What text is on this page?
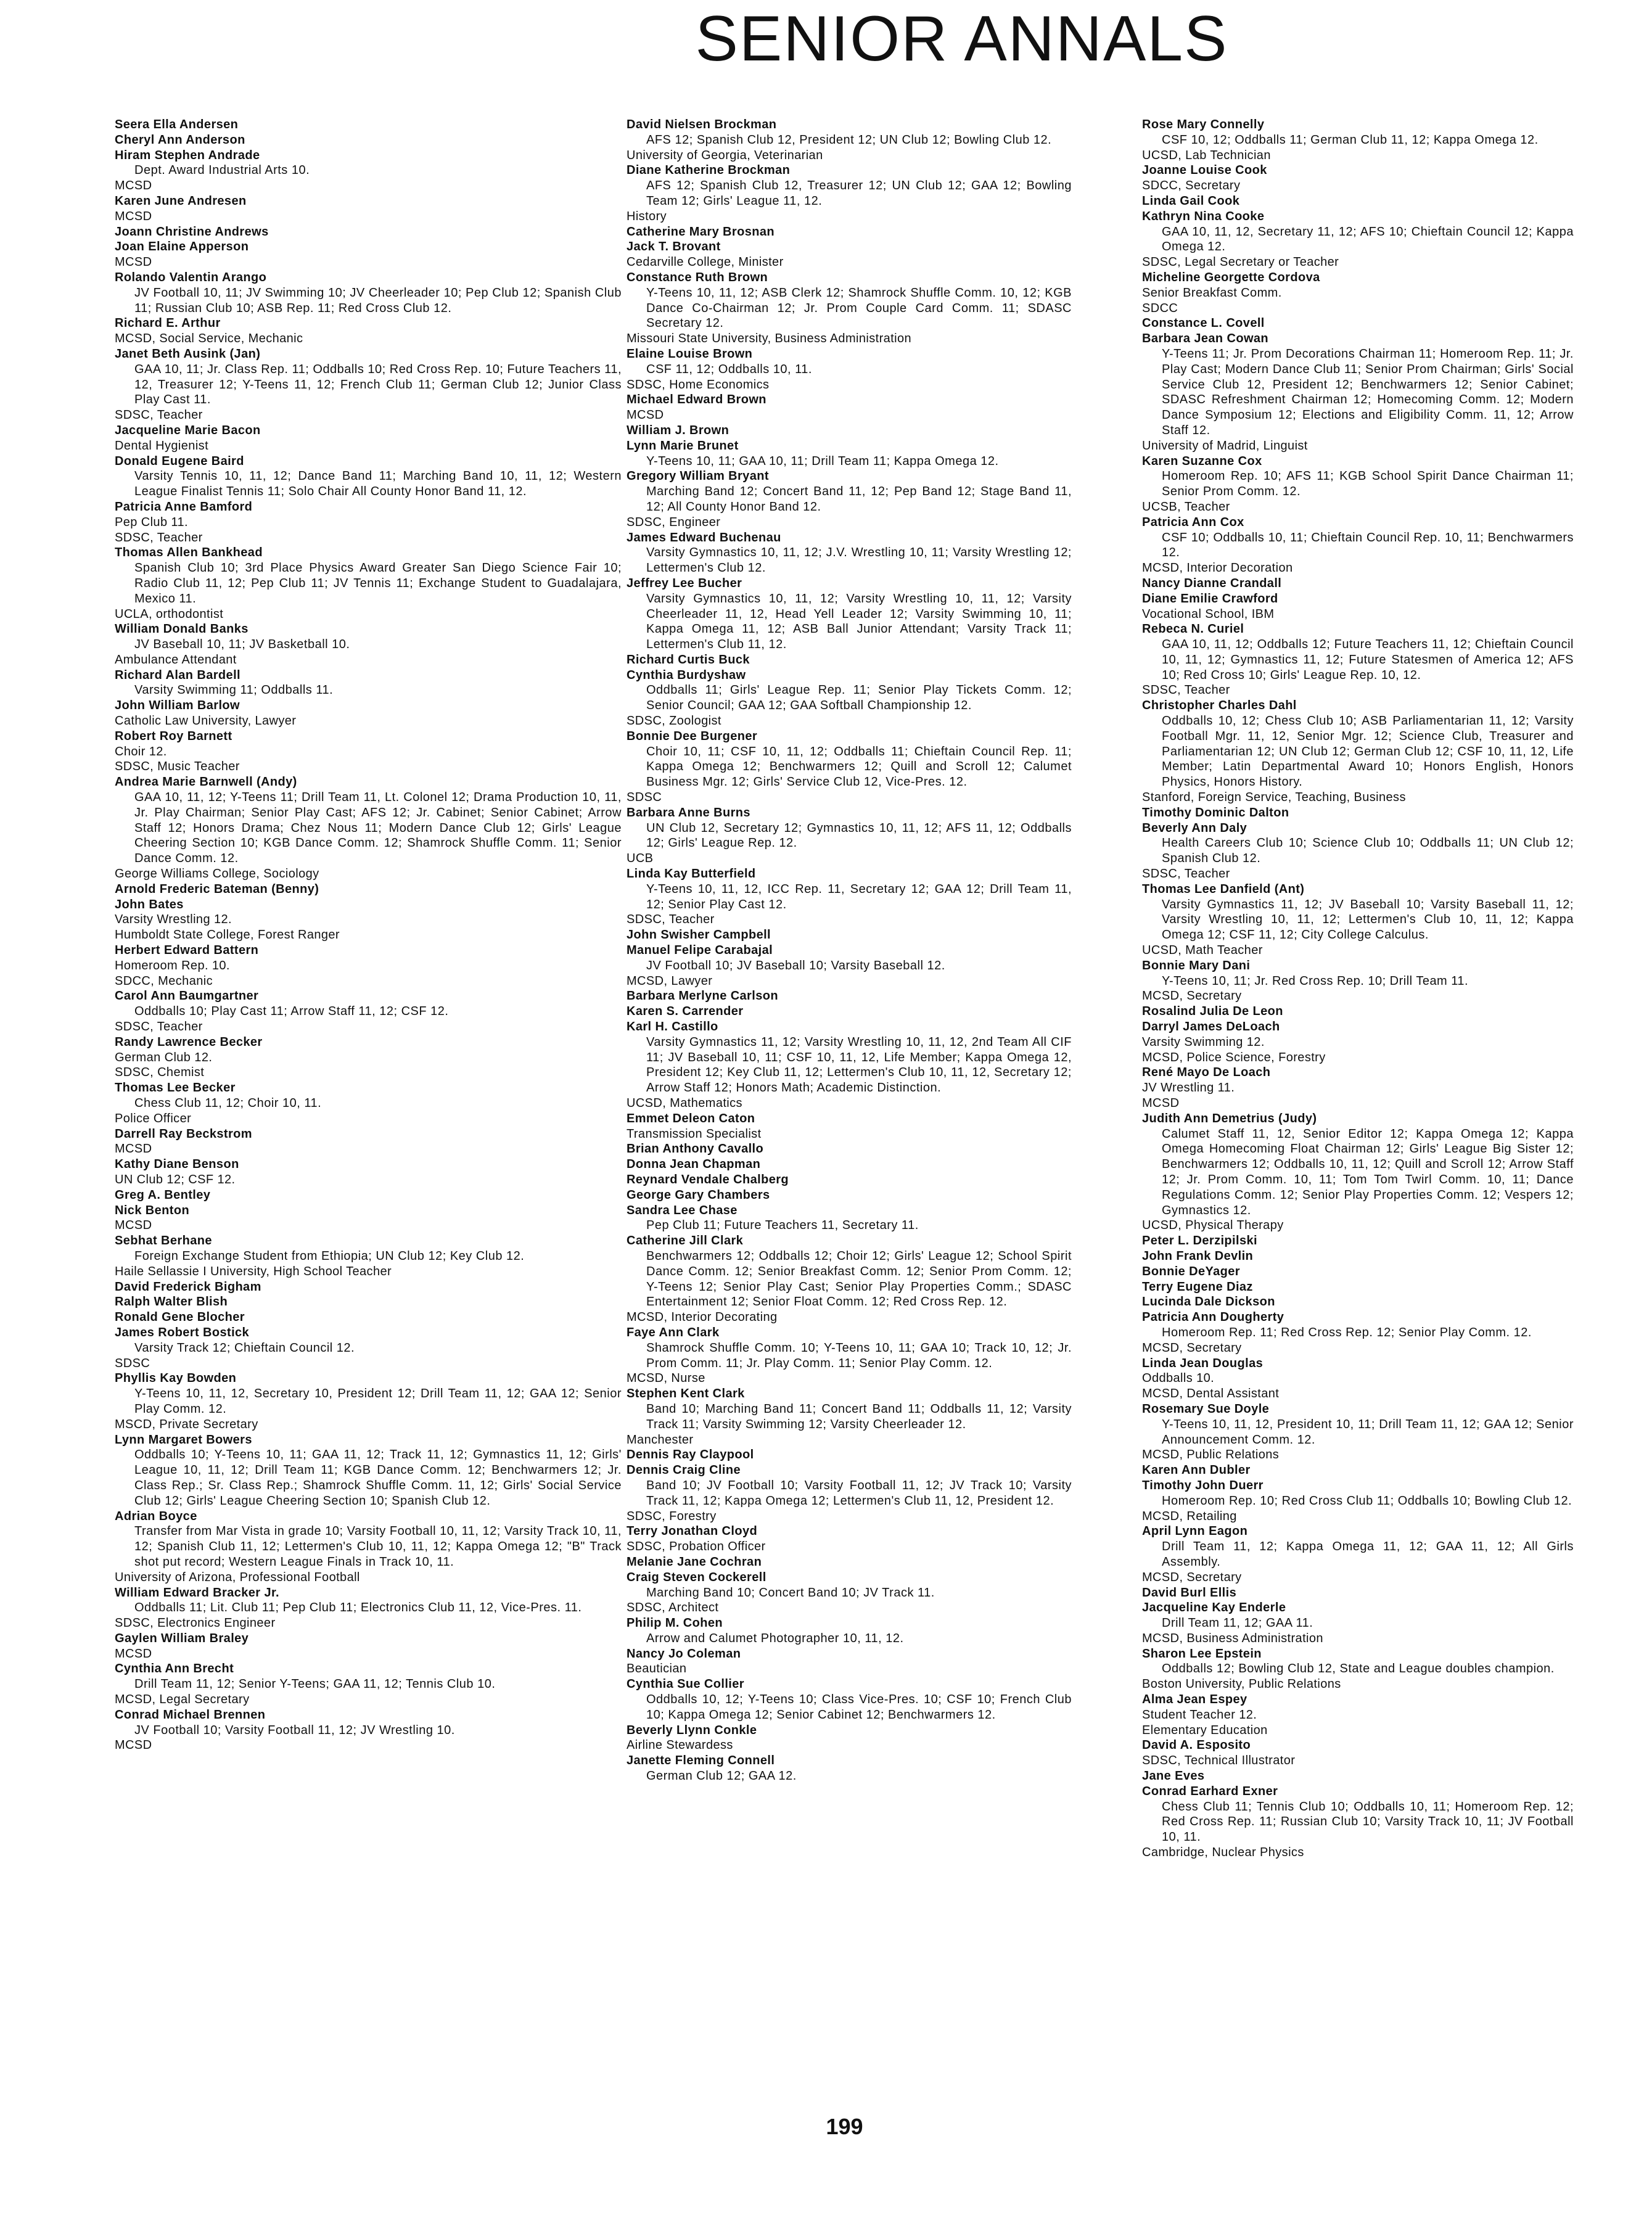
SENIOR ANNALS
Seera Ella Andersen
Cheryl Ann Anderson
Hiram Stephen Andrade
Dept. Award Industrial Arts 10.
MCSD
Karen June Andresen
MCSD
Joann Christine Andrews
Joan Elaine Apperson
MCSD
Rolando Valentin Arango
JV Football 10, 11; JV Swimming 10; JV Cheerleader 10; Pep Club 12; Spanish Club 11; Russian Club 10; ASB Rep. 11; Red Cross Club 12.
Richard E. Arthur
MCSD, Social Service, Mechanic
Janet Beth Ausink (Jan)
GAA 10, 11; Jr. Class Rep. 11; Oddballs 10; Red Cross Rep. 10; Future Teachers 11, 12, Treasurer 12; Y-Teens 11, 12; French Club 11; German Club 12; Junior Class Play Cast 11.
SDSC, Teacher
Jacqueline Marie Bacon
Dental Hygienist
Donald Eugene Baird
Varsity Tennis 10, 11, 12; Dance Band 11; Marching Band 10, 11, 12; Western League Finalist Tennis 11; Solo Chair All County Honor Band 11, 12.
Patricia Anne Bamford
Pep Club 11.
SDSC, Teacher
Thomas Allen Bankhead
Spanish Club 10; 3rd Place Physics Award Greater San Diego Science Fair 10; Radio Club 11, 12; Pep Club 11; JV Tennis 11; Exchange Student to Guadalajara, Mexico 11.
UCLA, orthodontist
William Donald Banks
JV Baseball 10, 11; JV Basketball 10.
Ambulance Attendant
Richard Alan Bardell
Varsity Swimming 11; Oddballs 11.
John William Barlow
Catholic Law University, Lawyer
Robert Roy Barnett
Choir 12.
SDSC, Music Teacher
Andrea Marie Barnwell (Andy)
GAA 10, 11, 12; Y-Teens 11; Drill Team 11, Lt. Colonel 12; Drama Production 10, 11, Jr. Play Chairman; Senior Play Cast; AFS 12; Jr. Cabinet; Senior Cabinet; Arrow Staff 12; Honors Drama; Chez Nous 11; Modern Dance Club 12; Girls' League Cheering Section 10; KGB Dance Comm. 12; Shamrock Shuffle Comm. 11; Senior Dance Comm. 12.
George Williams College, Sociology
Arnold Frederic Bateman (Benny)
John Bates
Varsity Wrestling 12.
Humboldt State College, Forest Ranger
Herbert Edward Battern
Homeroom Rep. 10.
SDCC, Mechanic
Carol Ann Baumgartner
Oddballs 10; Play Cast 11; Arrow Staff 11, 12; CSF 12.
SDSC, Teacher
Randy Lawrence Becker
German Club 12.
SDSC, Chemist
Thomas Lee Becker
Chess Club 11, 12; Choir 10, 11.
Police Officer
Darrell Ray Beckstrom
MCSD
Kathy Diane Benson
UN Club 12; CSF 12.
Greg A. Bentley
Nick Benton
MCSD
Sebhat Berhane
Foreign Exchange Student from Ethiopia; UN Club 12; Key Club 12.
Haile Sellassie I University, High School Teacher
David Frederick Bigham
Ralph Walter Blish
Ronald Gene Blocher
James Robert Bostick
Varsity Track 12; Chieftain Council 12.
SDSC
Phyllis Kay Bowden
Y-Teens 10, 11, 12, Secretary 10, President 12; Drill Team 11, 12; GAA 12; Senior Play Comm. 12.
MSCD, Private Secretary
Lynn Margaret Bowers
Oddballs 10; Y-Teens 10, 11; GAA 11, 12; Track 11, 12; Gymnastics 11, 12; Girls' League 10, 11, 12; Drill Team 11; KGB Dance Comm. 12; Benchwarmers 12; Jr. Class Rep.; Sr. Class Rep.; Shamrock Shuffle Comm. 11, 12; Girls' Social Service Club 12; Girls' League Cheering Section 10; Spanish Club 12.
Adrian Boyce
Transfer from Mar Vista in grade 10; Varsity Football 10, 11, 12; Varsity Track 10, 11, 12; Spanish Club 11, 12; Lettermen's Club 10, 11, 12; Kappa Omega 12; "B" Track shot put record; Western League Finals in Track 10, 11.
University of Arizona, Professional Football
William Edward Bracker Jr.
Oddballs 11; Lit. Club 11; Pep Club 11; Electronics Club 11, 12, Vice-Pres. 11.
SDSC, Electronics Engineer
Gaylen William Braley
MCSD
Cynthia Ann Brecht
Drill Team 11, 12; Senior Y-Teens; GAA 11, 12; Tennis Club 10.
MCSD, Legal Secretary
Conrad Michael Brennen
JV Football 10; Varsity Football 11, 12; JV Wrestling 10.
MCSD
David Nielsen Brockman
AFS 12; Spanish Club 12, President 12; UN Club 12; Bowling Club 12.
University of Georgia, Veterinarian
Diane Katherine Brockman
AFS 12; Spanish Club 12, Treasurer 12; UN Club 12; GAA 12; Bowling Team 12; Girls' League 11, 12.
History
Catherine Mary Brosnan
Jack T. Brovant
Cedarville College, Minister
Constance Ruth Brown
Y-Teens 10, 11, 12; ASB Clerk 12; Shamrock Shuffle Comm. 10, 12; KGB Dance Co-Chairman 12; Jr. Prom Couple Card Comm. 11; SDASC Secretary 12.
Missouri State University, Business Administration
Elaine Louise Brown
CSF 11, 12; Oddballs 10, 11.
SDSC, Home Economics
Michael Edward Brown
MCSD
William J. Brown
Lynn Marie Brunet
Y-Teens 10, 11; GAA 10, 11; Drill Team 11; Kappa Omega 12.
Gregory William Bryant
Marching Band 12; Concert Band 11, 12; Pep Band 12; Stage Band 11, 12; All County Honor Band 12.
SDSC, Engineer
James Edward Buchenau
Varsity Gymnastics 10, 11, 12; J.V. Wrestling 10, 11; Varsity Wrestling 12; Lettermen's Club 12.
Jeffrey Lee Bucher
Varsity Gymnastics 10, 11, 12; Varsity Wrestling 10, 11, 12; Varsity Cheerleader 11, 12, Head Yell Leader 12; Varsity Swimming 10, 11; Kappa Omega 11, 12; ASB Ball Junior Attendant; Varsity Track 11; Lettermen's Club 11, 12.
Richard Curtis Buck
Cynthia Burdyshaw
Oddballs 11; Girls' League Rep. 11; Senior Play Tickets Comm. 12; Senior Council; GAA 12; GAA Softball Championship 12.
SDSC, Zoologist
Bonnie Dee Burgener
Choir 10, 11; CSF 10, 11, 12; Oddballs 11; Chieftain Council Rep. 11; Kappa Omega 12; Benchwarmers 12; Quill and Scroll 12; Calumet Business Mgr. 12; Girls' Service Club 12, Vice-Pres. 12.
SDSC
Barbara Anne Burns
UN Club 12, Secretary 12; Gymnastics 10, 11, 12; AFS 11, 12; Oddballs 12; Girls' League Rep. 12.
UCB
Linda Kay Butterfield
Y-Teens 10, 11, 12, ICC Rep. 11, Secretary 12; GAA 12; Drill Team 11, 12; Senior Play Cast 12.
SDSC, Teacher
John Swisher Campbell
Manuel Felipe Carabajal
JV Football 10; JV Baseball 10; Varsity Baseball 12.
MCSD, Lawyer
Barbara Merlyne Carlson
Karen S. Carrender
Karl H. Castillo
Varsity Gymnastics 11, 12; Varsity Wrestling 10, 11, 12, 2nd Team All CIF 11; JV Baseball 10, 11; CSF 10, 11, 12, Life Member; Kappa Omega 12, President 12; Key Club 11, 12; Lettermen's Club 10, 11, 12, Secretary 12; Arrow Staff 12; Honors Math; Academic Distinction.
UCSD, Mathematics
Emmet Deleon Caton
Transmission Specialist
Brian Anthony Cavallo
Donna Jean Chapman
Reynard Vendale Chalberg
George Gary Chambers
Sandra Lee Chase
Pep Club 11; Future Teachers 11, Secretary 11.
Catherine Jill Clark
Benchwarmers 12; Oddballs 12; Choir 12; Girls' League 12; School Spirit Dance Comm. 12; Senior Breakfast Comm. 12; Senior Prom Comm. 12; Y-Teens 12; Senior Play Cast; Senior Play Properties Comm.; SDASC Entertainment 12; Senior Float Comm. 12; Red Cross Rep. 12.
MCSD, Interior Decorating
Faye Ann Clark
Shamrock Shuffle Comm. 10; Y-Teens 10, 11; GAA 10; Track 10, 12; Jr. Prom Comm. 11; Jr. Play Comm. 11; Senior Play Comm. 12.
MCSD, Nurse
Stephen Kent Clark
Band 10; Marching Band 11; Concert Band 11; Oddballs 11, 12; Varsity Track 11; Varsity Swimming 12; Varsity Cheerleader 12.
Manchester
Dennis Ray Claypool
Dennis Craig Cline
Band 10; JV Football 10; Varsity Football 11, 12; JV Track 10; Varsity Track 11, 12; Kappa Omega 12; Lettermen's Club 11, 12, President 12.
SDSC, Forestry
Terry Jonathan Cloyd
SDSC, Probation Officer
Melanie Jane Cochran
Craig Steven Cockerell
Marching Band 10; Concert Band 10; JV Track 11.
SDSC, Architect
Philip M. Cohen
Arrow and Calumet Photographer 10, 11, 12.
Nancy Jo Coleman
Beautician
Cynthia Sue Collier
Oddballs 10, 12; Y-Teens 10; Class Vice-Pres. 10; CSF 10; French Club 10; Kappa Omega 12; Senior Cabinet 12; Benchwarmers 12.
Beverly Llynn Conkle
Airline Stewardess
Janette Fleming Connell
German Club 12; GAA 12.
Rose Mary Connelly
CSF 10, 12; Oddballs 11; German Club 11, 12; Kappa Omega 12.
UCSD, Lab Technician
Joanne Louise Cook
SDCC, Secretary
Linda Gail Cook
Kathryn Nina Cooke
GAA 10, 11, 12, Secretary 11, 12; AFS 10; Chieftain Council 12; Kappa Omega 12.
SDSC, Legal Secretary or Teacher
Micheline Georgette Cordova
Senior Breakfast Comm.
SDCC
Constance L. Covell
Barbara Jean Cowan
Y-Teens 11; Jr. Prom Decorations Chairman 11; Homeroom Rep. 11; Jr. Play Cast; Modern Dance Club 11; Senior Prom Chairman; Girls' Social Service Club 12, President 12; Benchwarmers 12; Senior Cabinet; SDASC Refreshment Chairman 12; Homecoming Comm. 12; Modern Dance Symposium 12; Elections and Eligibility Comm. 11, 12; Arrow Staff 12.
University of Madrid, Linguist
Karen Suzanne Cox
Homeroom Rep. 10; AFS 11; KGB School Spirit Dance Chairman 11; Senior Prom Comm. 12.
UCSB, Teacher
Patricia Ann Cox
CSF 10; Oddballs 10, 11; Chieftain Council Rep. 10, 11; Benchwarmers 12.
MCSD, Interior Decoration
Nancy Dianne Crandall
Diane Emilie Crawford
Vocational School, IBM
Rebeca N. Curiel
GAA 10, 11, 12; Oddballs 12; Future Teachers 11, 12; Chieftain Council 10, 11, 12; Gymnastics 11, 12; Future Statesmen of America 12; AFS 10; Red Cross 10; Girls' League Rep. 10, 12.
SDSC, Teacher
Christopher Charles Dahl
Oddballs 10, 12; Chess Club 10; ASB Parliamentarian 11, 12; Varsity Football Mgr. 11, 12, Senior Mgr. 12; Science Club, Treasurer and Parliamentarian 12; UN Club 12; German Club 12; CSF 10, 11, 12, Life Member; Latin Departmental Award 10; Honors English, Honors Physics, Honors History.
Stanford, Foreign Service, Teaching, Business
Timothy Dominic Dalton
Beverly Ann Daly
Health Careers Club 10; Science Club 10; Oddballs 11; UN Club 12; Spanish Club 12.
SDSC, Teacher
Thomas Lee Danfield (Ant)
Varsity Gymnastics 11, 12; JV Baseball 10; Varsity Baseball 11, 12; Varsity Wrestling 10, 11, 12; Lettermen's Club 10, 11, 12; Kappa Omega 12; CSF 11, 12; City College Calculus.
UCSD, Math Teacher
Bonnie Mary Dani
Y-Teens 10, 11; Jr. Red Cross Rep. 10; Drill Team 11.
MCSD, Secretary
Rosalind Julia De Leon
Darryl James DeLoach
Varsity Swimming 12.
MCSD, Police Science, Forestry
René Mayo De Loach
JV Wrestling 11.
MCSD
Judith Ann Demetrius (Judy)
Calumet Staff 11, 12, Senior Editor 12; Kappa Omega 12; Kappa Omega Homecoming Float Chairman 12; Girls' League Big Sister 12; Benchwarmers 12; Oddballs 10, 11, 12; Quill and Scroll 12; Arrow Staff 12; Jr. Prom Comm. 10, 11; Tom Tom Twirl Comm. 10, 11; Dance Regulations Comm. 12; Senior Play Properties Comm. 12; Vespers 12; Gymnastics 12.
UCSD, Physical Therapy
Peter L. Derzipilski
John Frank Devlin
Bonnie DeYager
Terry Eugene Diaz
Lucinda Dale Dickson
Patricia Ann Dougherty
Homeroom Rep. 11; Red Cross Rep. 12; Senior Play Comm. 12.
MCSD, Secretary
Linda Jean Douglas
Oddballs 10.
MCSD, Dental Assistant
Rosemary Sue Doyle
Y-Teens 10, 11, 12, President 10, 11; Drill Team 11, 12; GAA 12; Senior Announcement Comm. 12.
MCSD, Public Relations
Karen Ann Dubler
Timothy John Duerr
Homeroom Rep. 10; Red Cross Club 11; Oddballs 10; Bowling Club 12.
MCSD, Retailing
April Lynn Eagon
Drill Team 11, 12; Kappa Omega 11, 12; GAA 11, 12; All Girls Assembly.
MCSD, Secretary
David Burl Ellis
Jacqueline Kay Enderle
Drill Team 11, 12; GAA 11.
MCSD, Business Administration
Sharon Lee Epstein
Oddballs 12; Bowling Club 12, State and League doubles champion.
Boston University, Public Relations
Alma Jean Espey
Student Teacher 12.
Elementary Education
David A. Esposito
SDSC, Technical Illustrator
Jane Eves
Conrad Earhard Exner
Chess Club 11; Tennis Club 10; Oddballs 10, 11; Homeroom Rep. 12; Red Cross Rep. 11; Russian Club 10; Varsity Track 10, 11; JV Football 10, 11.
Cambridge, Nuclear Physics
199
